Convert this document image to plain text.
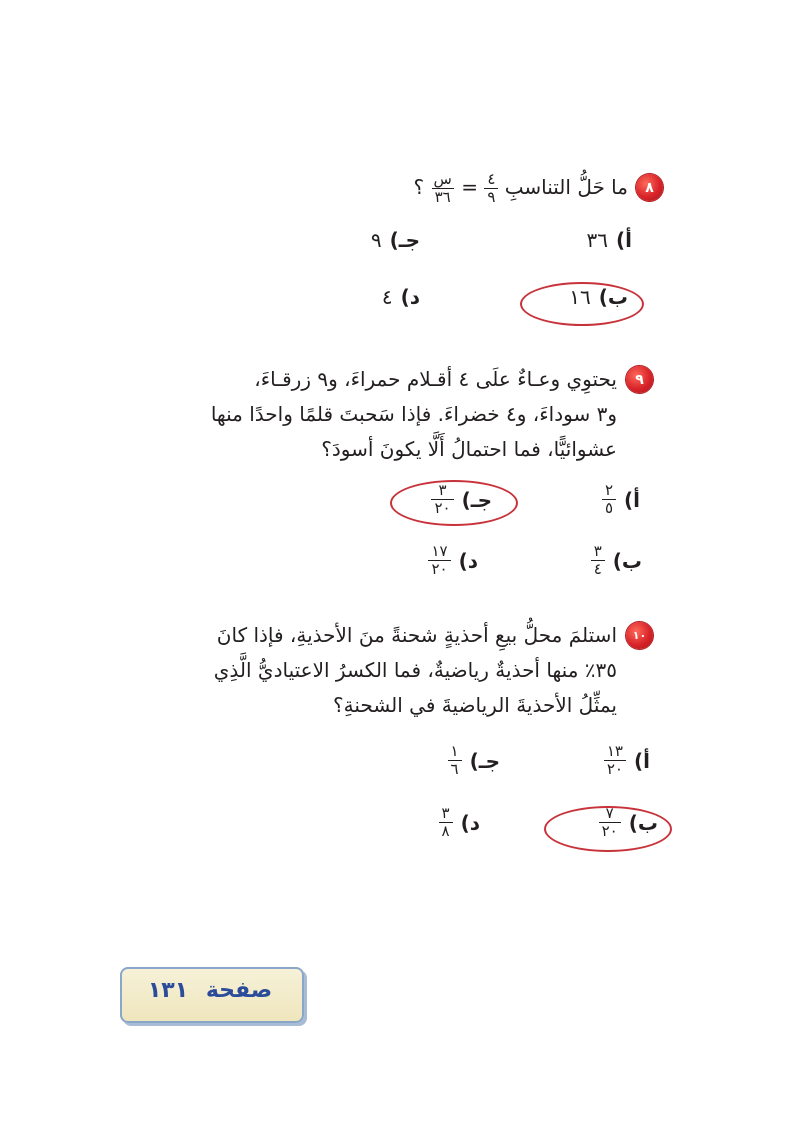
٨
ما حَلُّ التناسبِ
$\frac{٤}{٩}$
=
$\frac{\text{س}}{٣٦}$
؟
أ)
٣٦
ب)
١٦
جـ)
٩
د)
٤
٩
يحتوِي وعـاءٌ علَى ٤ أقـلام حمراءَ، و٩ زرقـاءَ،
و٣ سوداءَ، و٤ خضراءَ. فإذا سَحبتَ قلمًا واحدًا منها
عشوائيًّا، فما احتمالُ أَلَّا يكونَ أسودَ؟
أ)
$\frac{٢}{٥}$
ب)
$\frac{٣}{٤}$
جـ)
$\frac{٣}{٢٠}$
د)
$\frac{١٧}{٢٠}$
١٠
استلمَ محلُّ بيعِ أحذيةٍ شحنةً منَ الأحذيةِ، فإذا كانَ
٣٥٪ منها أحذيةٌ رياضيةٌ، فما الكسرُ الاعتياديُّ الَّذِي
يمثِّلُ الأحذيةَ الرياضيةَ في الشحنةِ؟
أ)
$\frac{١٣}{٢٠}$
ب)
$\frac{٧}{٢٠}$
جـ)
$\frac{١}{٦}$
د)
$\frac{٣}{٨}$
صفحة ١٣١
